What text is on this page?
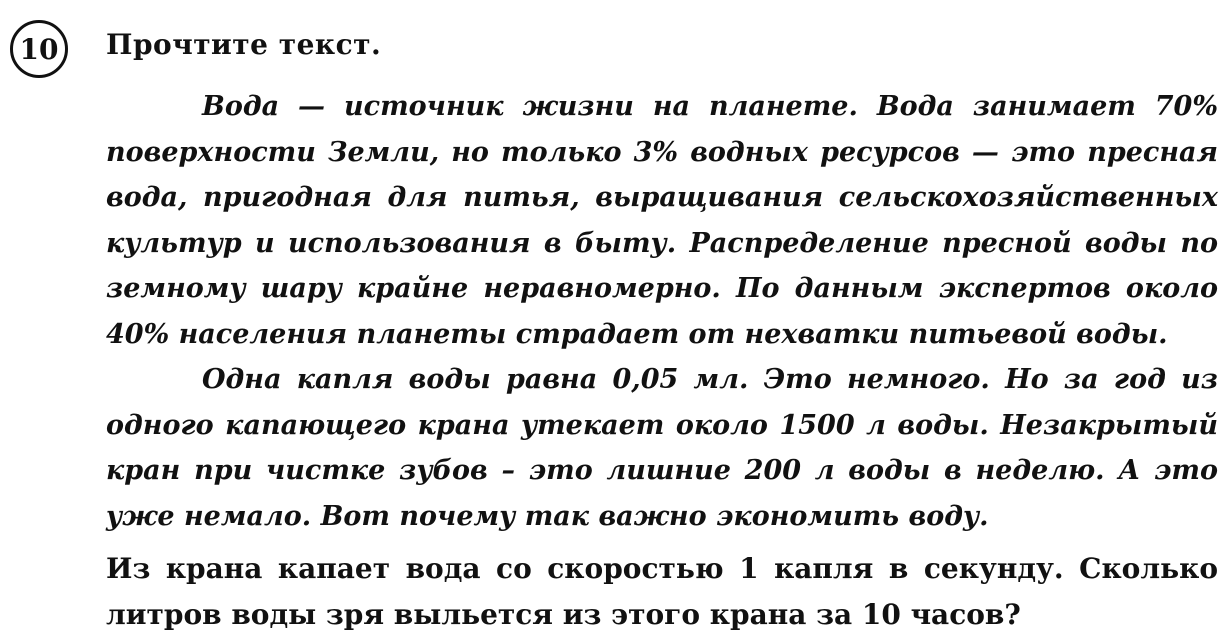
10 Прочтите текст.

Вода — источник жизни на планете. Вода занимает 70% поверхности Земли, но только 3% водных ресурсов — это пресная вода, пригодная для питья, выращивания сельскохозяйственных культур и использования в быту. Распределение пресной воды по земному шару крайне неравномерно. По данным экспертов около 40% населения планеты страдает от нехватки питьевой воды.

Одна капля воды равна 0,05 мл. Это немного. Но за год из одного капающего крана утекает около 1500 л воды. Незакрытый кран при чистке зубов – это лишние 200 л воды в неделю. А это уже немало. Вот почему так важно экономить воду.

Из крана капает вода со скоростью 1 капля в секунду. Сколько литров воды зря выльется из этого крана за 10 часов?
